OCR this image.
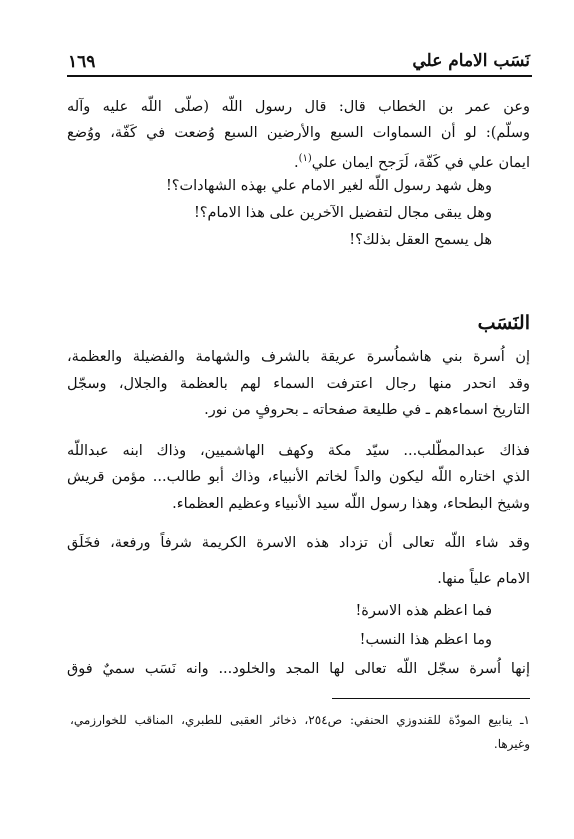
نَسَب الامام علي
١٦٩
وعن عمر بن الخطاب قال: قال رسول اللّه (صلّى اللّه عليه وآله
وسلّم): لو أن السماوات السبع والأرضين السبع وُضعت في كَفّة، ووُضع
ايمان علي في كَفّة، لَرَجح ايمان علي$^{(١)}$.
وهل شهد رسول اللّه لغير الامام علي بهذه الشهادات؟!
وهل يبقى مجال لتفضيل الآخرين على هذا الامام؟!
هل يسمح العقل بذلك؟!
النَسَب
إن اُسرة بني هاشماُسرة عريقة بالشرف والشهامة والفضيلة والعظمة،
وقد انحدر منها رجال اعترفت السماء لهم بالعظمة والجلال، وسجّل
التاريخ اسماءهم ـ في طليعة صفحاته ـ بحروفٍ من نور.
فذاك عبدالمطّلب... سيّد مكة وكهف الهاشميين، وذاك ابنه عبداللّه
الذي اختاره اللّه ليكون والداً لخاتم الأنبياء، وذاك أبو طالب... مؤمن قريش
وشيخ البطحاء، وهذا رسول اللّه سيد الأنبياء وعظيم العظماء.
وقد شاء اللّه تعالى أن تزداد هذه الاسرة الكريمة شرفاً ورفعة، فخَلَق
الامام علياً منها.
فما اعظم هذه الاسرة!
وما اعظم هذا النسب!
إنها اُسرة سجّل اللّه تعالى لها المجد والخلود... وانه نَسَب سميٌ فوق
١ـ ينابيع المودّة للقندوزي الحنفي: ص٢٥٤، ذخائر العقبى للطبري، المناقب للخوارزمي،
وغيرها.
